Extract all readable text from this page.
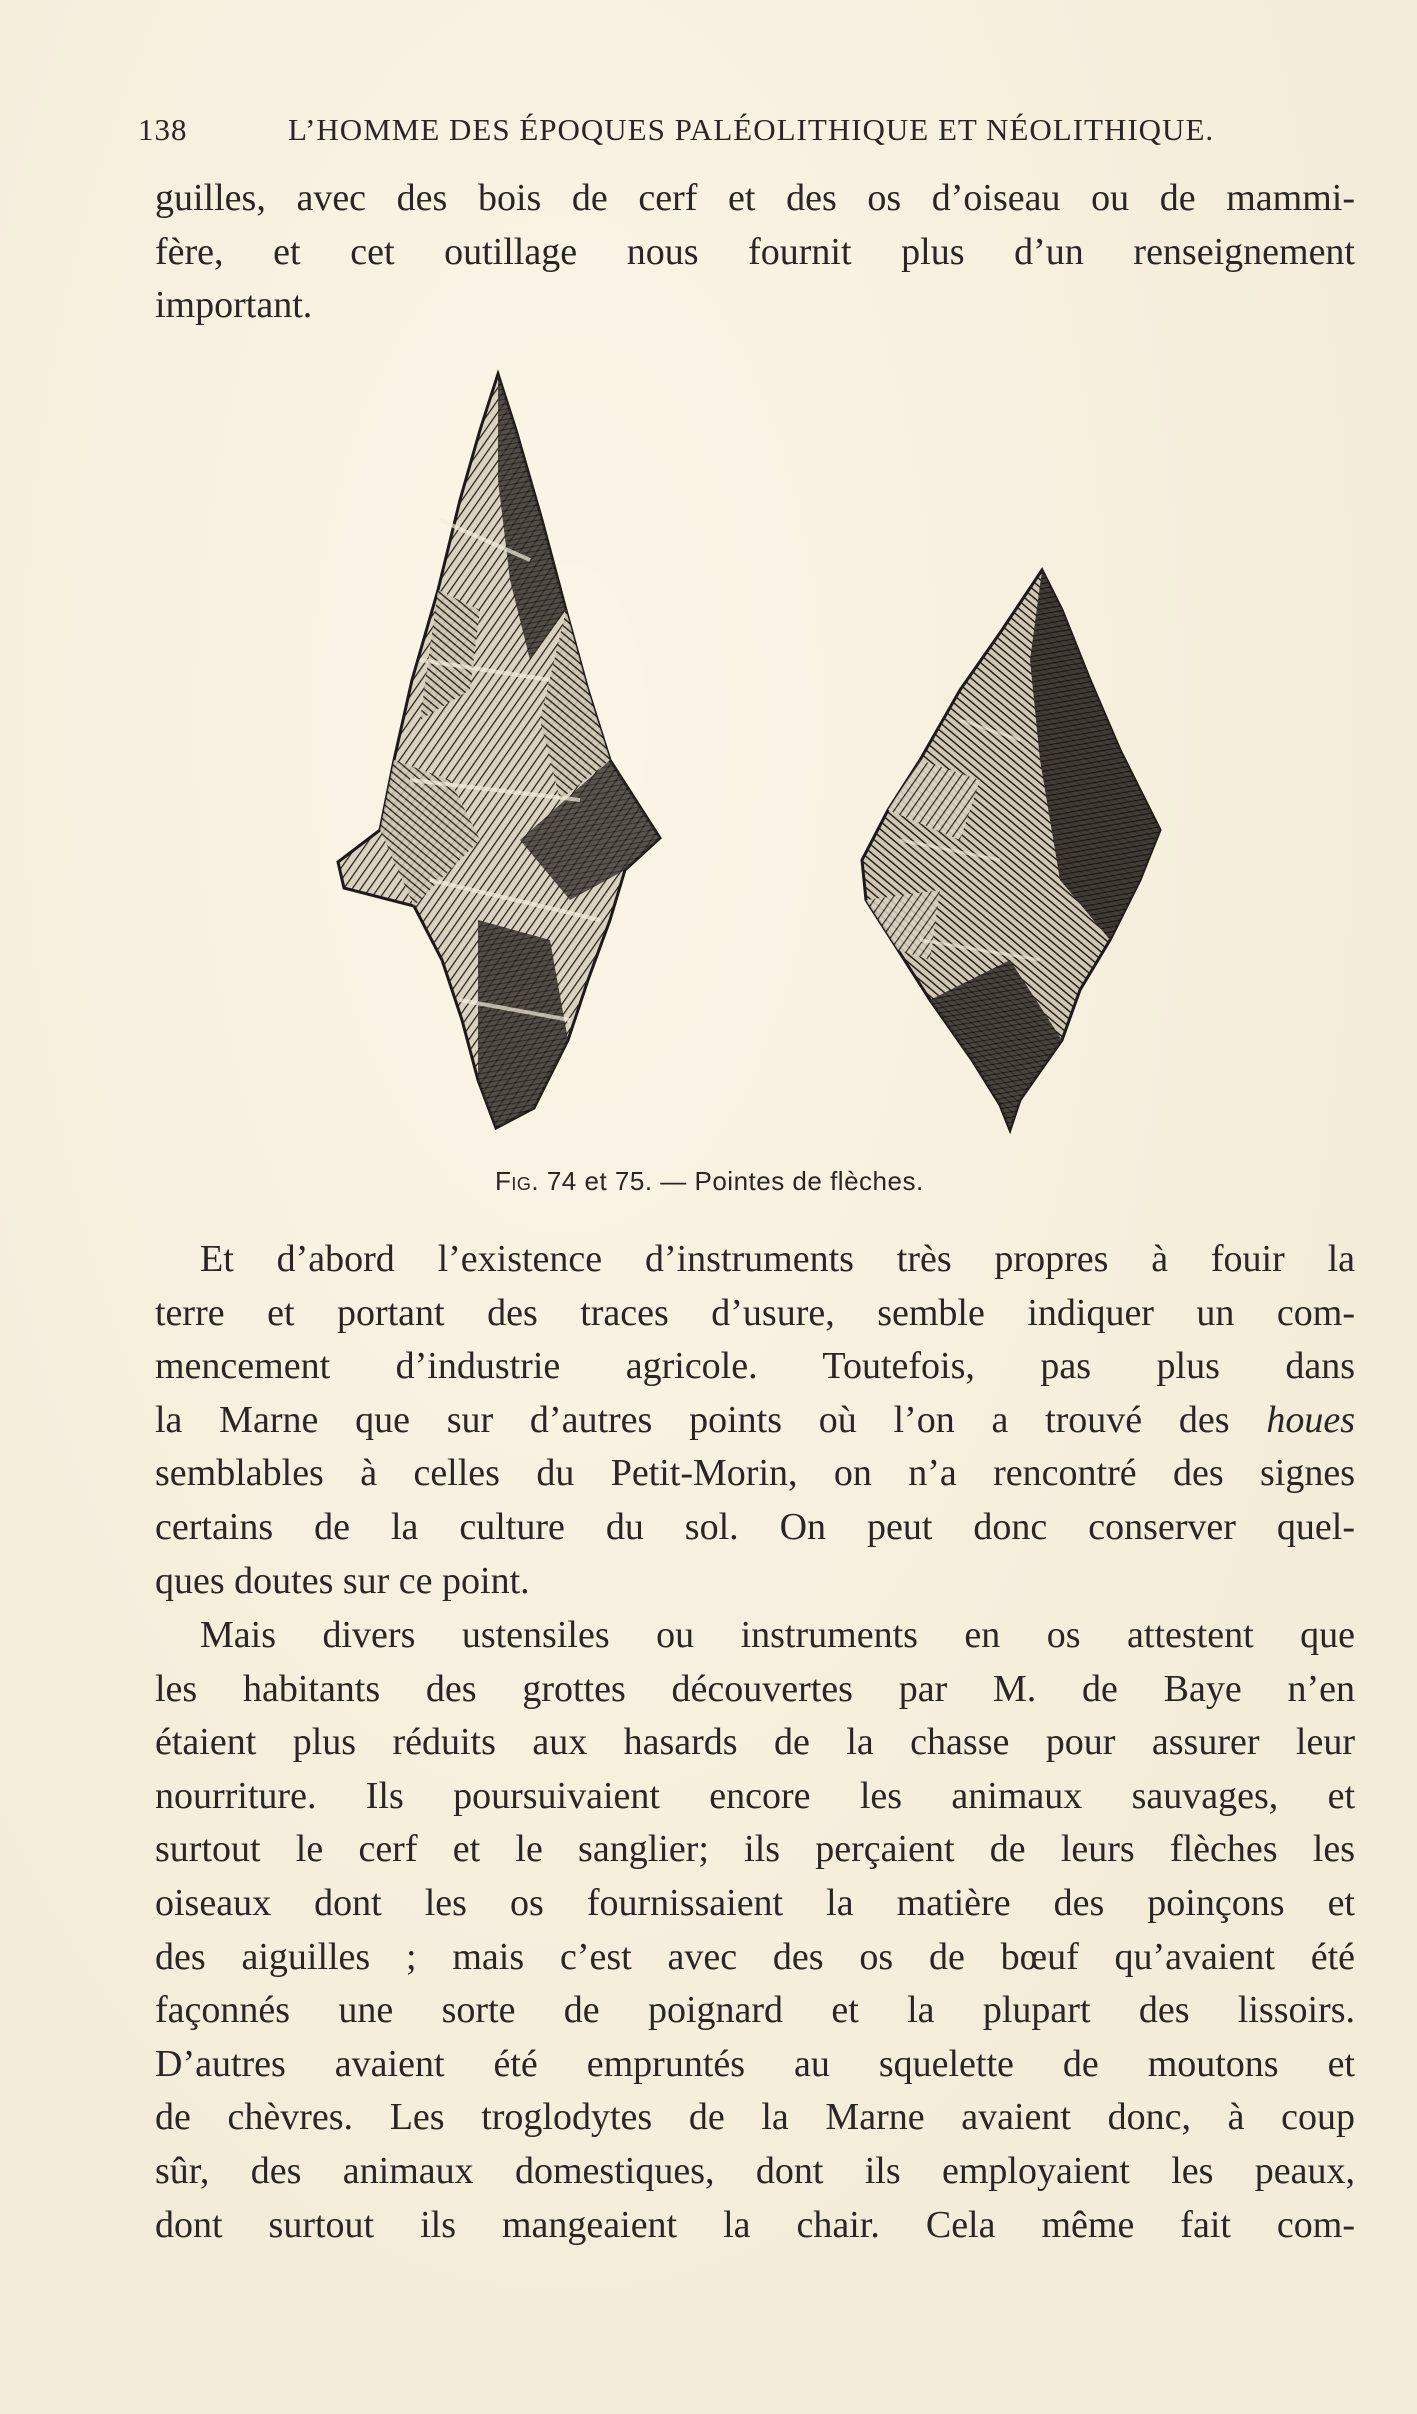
138	L’HOMME DES ÉPOQUES PALÉOLITHIQUE ET NÉOLITHIQUE.
guilles, avec des bois de cerf et des os d’oiseau ou de mammi-
fère, et cet outillage nous fournit plus d’un renseignement
important.
Fig. 74 et 75. — Pointes de flèches.
Et d’abord l’existence d’instruments très propres à fouir la
terre et portant des traces d’usure, semble indiquer un com-
mencement d’industrie agricole. Toutefois, pas plus dans
la Marne que sur d’autres points où l’on a trouvé des houes
semblables à celles du Petit-Morin, on n’a rencontré des signes
certains de la culture du sol. On peut donc conserver quel-
ques doutes sur ce point.
Mais divers ustensiles ou instruments en os attestent que
les habitants des grottes découvertes par M. de Baye n’en
étaient plus réduits aux hasards de la chasse pour assurer leur
nourriture. Ils poursuivaient encore les animaux sauvages, et
surtout le cerf et le sanglier; ils perçaient de leurs flèches les
oiseaux dont les os fournissaient la matière des poinçons et
des aiguilles ; mais c’est avec des os de bœuf qu’avaient été
façonnés une sorte de poignard et la plupart des lissoirs.
D’autres avaient été empruntés au squelette de moutons et
de chèvres. Les troglodytes de la Marne avaient donc, à coup
sûr, des animaux domestiques, dont ils employaient les peaux,
dont surtout ils mangeaient la chair. Cela même fait com-
